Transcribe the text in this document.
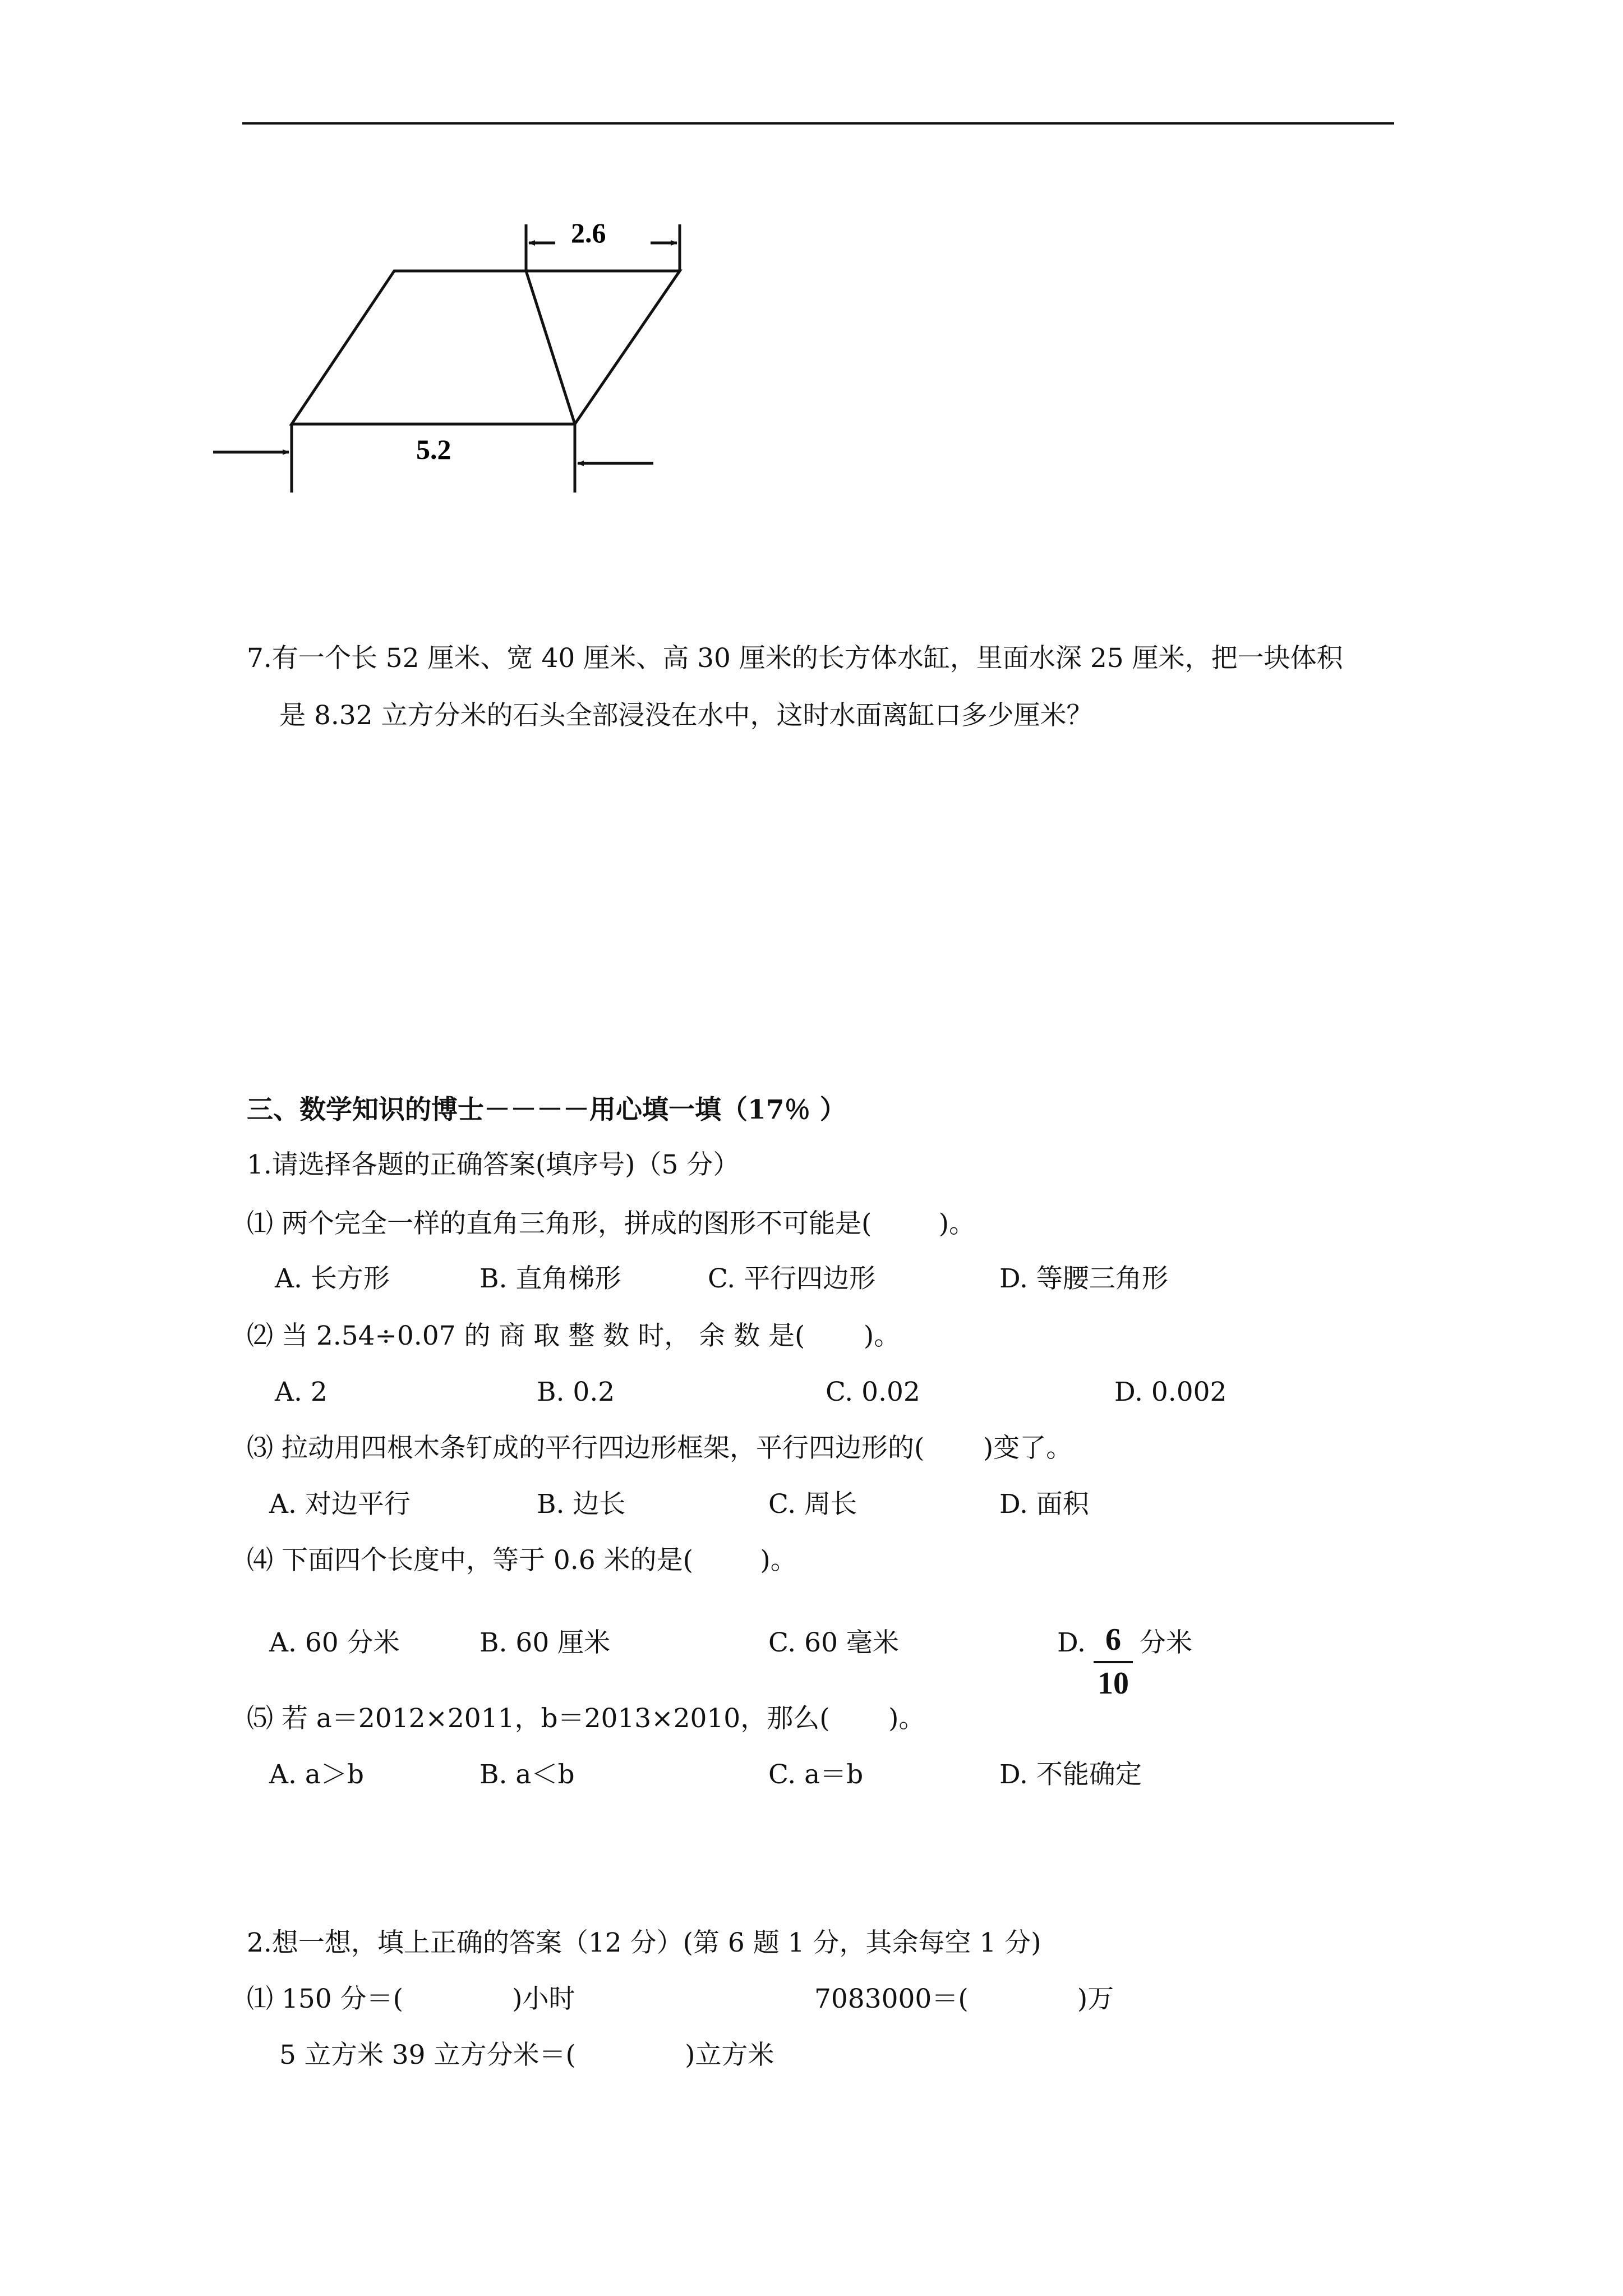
2.6
5.2
7.有一个长 52 厘米、宽 40 厘米、高 30 厘米的长方体水缸，里面水深 25 厘米，把一块体积
是 8.32 立方分米的石头全部浸没在水中，这时水面离缸口多少厘米？
三、数学知识的博士－－－－用心填一填（17％ ）
1.请选择各题的正确答案(填序号)（5 分）
⑴ 两个完全一样的直角三角形，拼成的图形不可能是(        )。
A. 长方形	B. 直角梯形	C. 平行四边形	D. 等腰三角形
⑵ 当 2.54÷0.07 的 商 取 整 数 时， 余 数 是(       )。
A. 2	B. 0.2	C. 0.02	D. 0.002
⑶ 拉动用四根木条钉成的平行四边形框架，平行四边形的(       )变了。
A. 对边平行	B. 边长	C. 周长	D. 面积
⑷ 下面四个长度中，等于 0.6 米的是(        )。
A. 60 分米	B. 60 厘米	C. 60 毫米	D. 6
10
分米
⑸ 若 a＝2012×2011，b＝2013×2010，那么(       )。
A. a＞b	B. a＜b	C. a＝b	D. 不能确定
2.想一想，填上正确的答案（12 分）(第 6 题 1 分，其余每空 1 分)
⑴ 150 分＝(             )小时	7083000＝(             )万
5 立方米 39 立方分米＝(             )立方米
